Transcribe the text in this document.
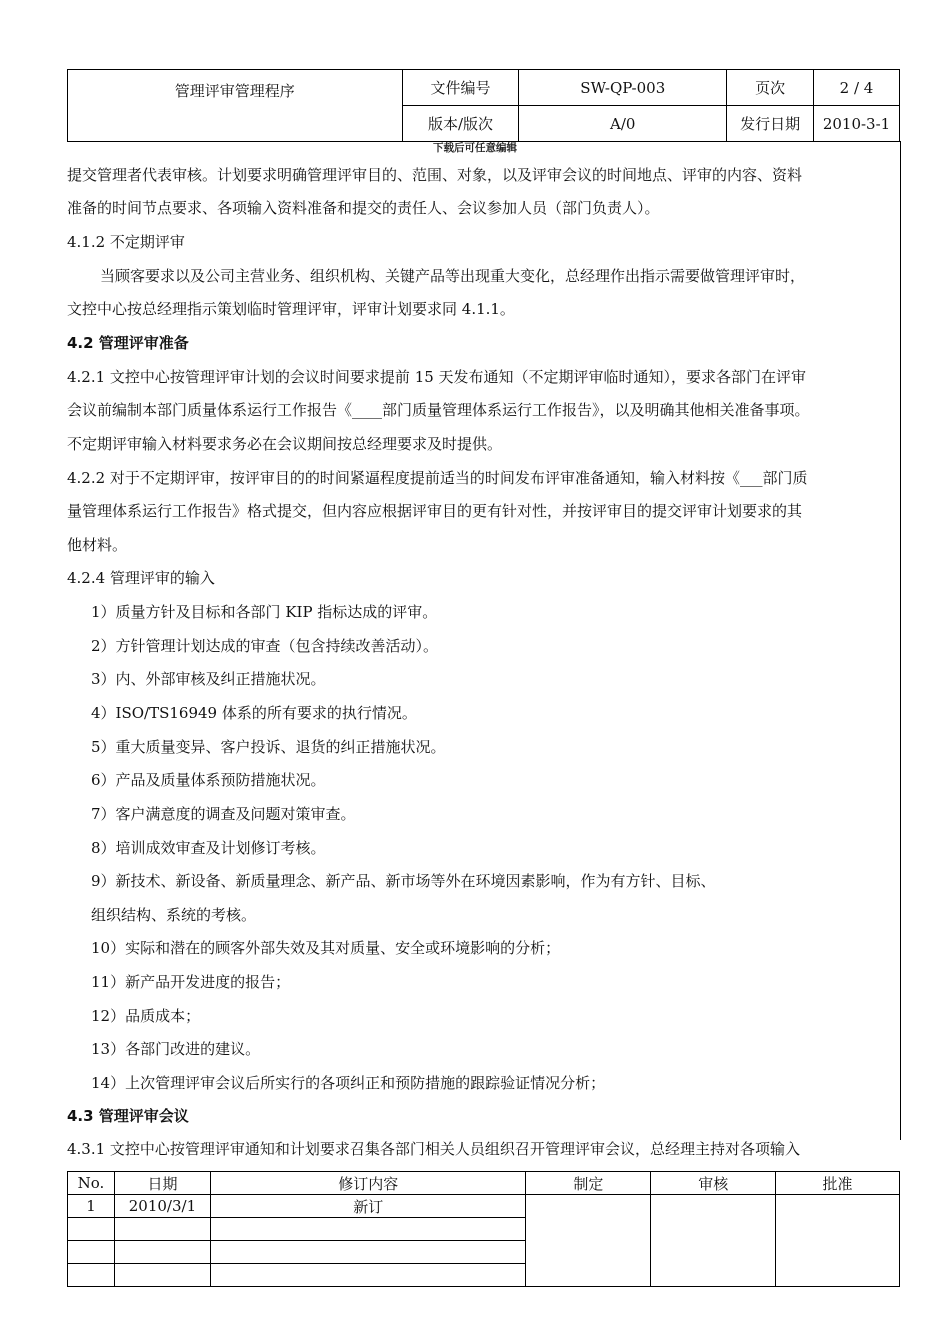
管理评审管理程序	文件编号	SW-QP-003	页次	2 / 4
	版本/版次	A/0	发行日期	2010-3-1
下载后可任意编辑
提交管理者代表审核。计划要求明确管理评审目的、范围、对象，以及评审会议的时间地点、评审的内容、资料
准备的时间节点要求、各项输入资料准备和提交的责任人、会议参加人员（部门负责人）。
4.1.2 不定期评审
当顾客要求以及公司主营业务、组织机构、关键产品等出现重大变化，总经理作出指示需要做管理评审时，
文控中心按总经理指示策划临时管理评审，评审计划要求同 4.1.1。
4.2 管理评审准备
4.2.1 文控中心按管理评审计划的会议时间要求提前 15 天发布通知（不定期评审临时通知），要求各部门在评审
会议前编制本部门质量体系运行工作报告《____部门质量管理体系运行工作报告》，以及明确其他相关准备事项。
不定期评审输入材料要求务必在会议期间按总经理要求及时提供。
4.2.2 对于不定期评审，按评审目的的时间紧逼程度提前适当的时间发布评审准备通知，输入材料按《___部门质
量管理体系运行工作报告》格式提交，但内容应根据评审目的更有针对性，并按评审目的提交评审计划要求的其
他材料。
4.2.4 管理评审的输入
1）质量方针及目标和各部门 KIP 指标达成的评审。
2）方针管理计划达成的审查（包含持续改善活动）。
3）内、外部审核及纠正措施状况。
4）ISO/TS16949 体系的所有要求的执行情况。
5）重大质量变异、客户投诉、退货的纠正措施状况。
6）产品及质量体系预防措施状况。
7）客户满意度的调查及问题对策审查。
8）培训成效审查及计划修订考核。
9）新技术、新设备、新质量理念、新产品、新市场等外在环境因素影响，作为有方针、目标、
组织结构、系统的考核。
10）实际和潜在的顾客外部失效及其对质量、安全或环境影响的分析；
11）新产品开发进度的报告；
12）品质成本；
13）各部门改进的建议。
14）上次管理评审会议后所实行的各项纠正和预防措施的跟踪验证情况分析；
4.3 管理评审会议
4.3.1 文控中心按管理评审通知和计划要求召集各部门相关人员组织召开管理评审会议，总经理主持对各项输入
No.	日期	修订内容	制定	审核	批准
1	2010/3/1	新订			
